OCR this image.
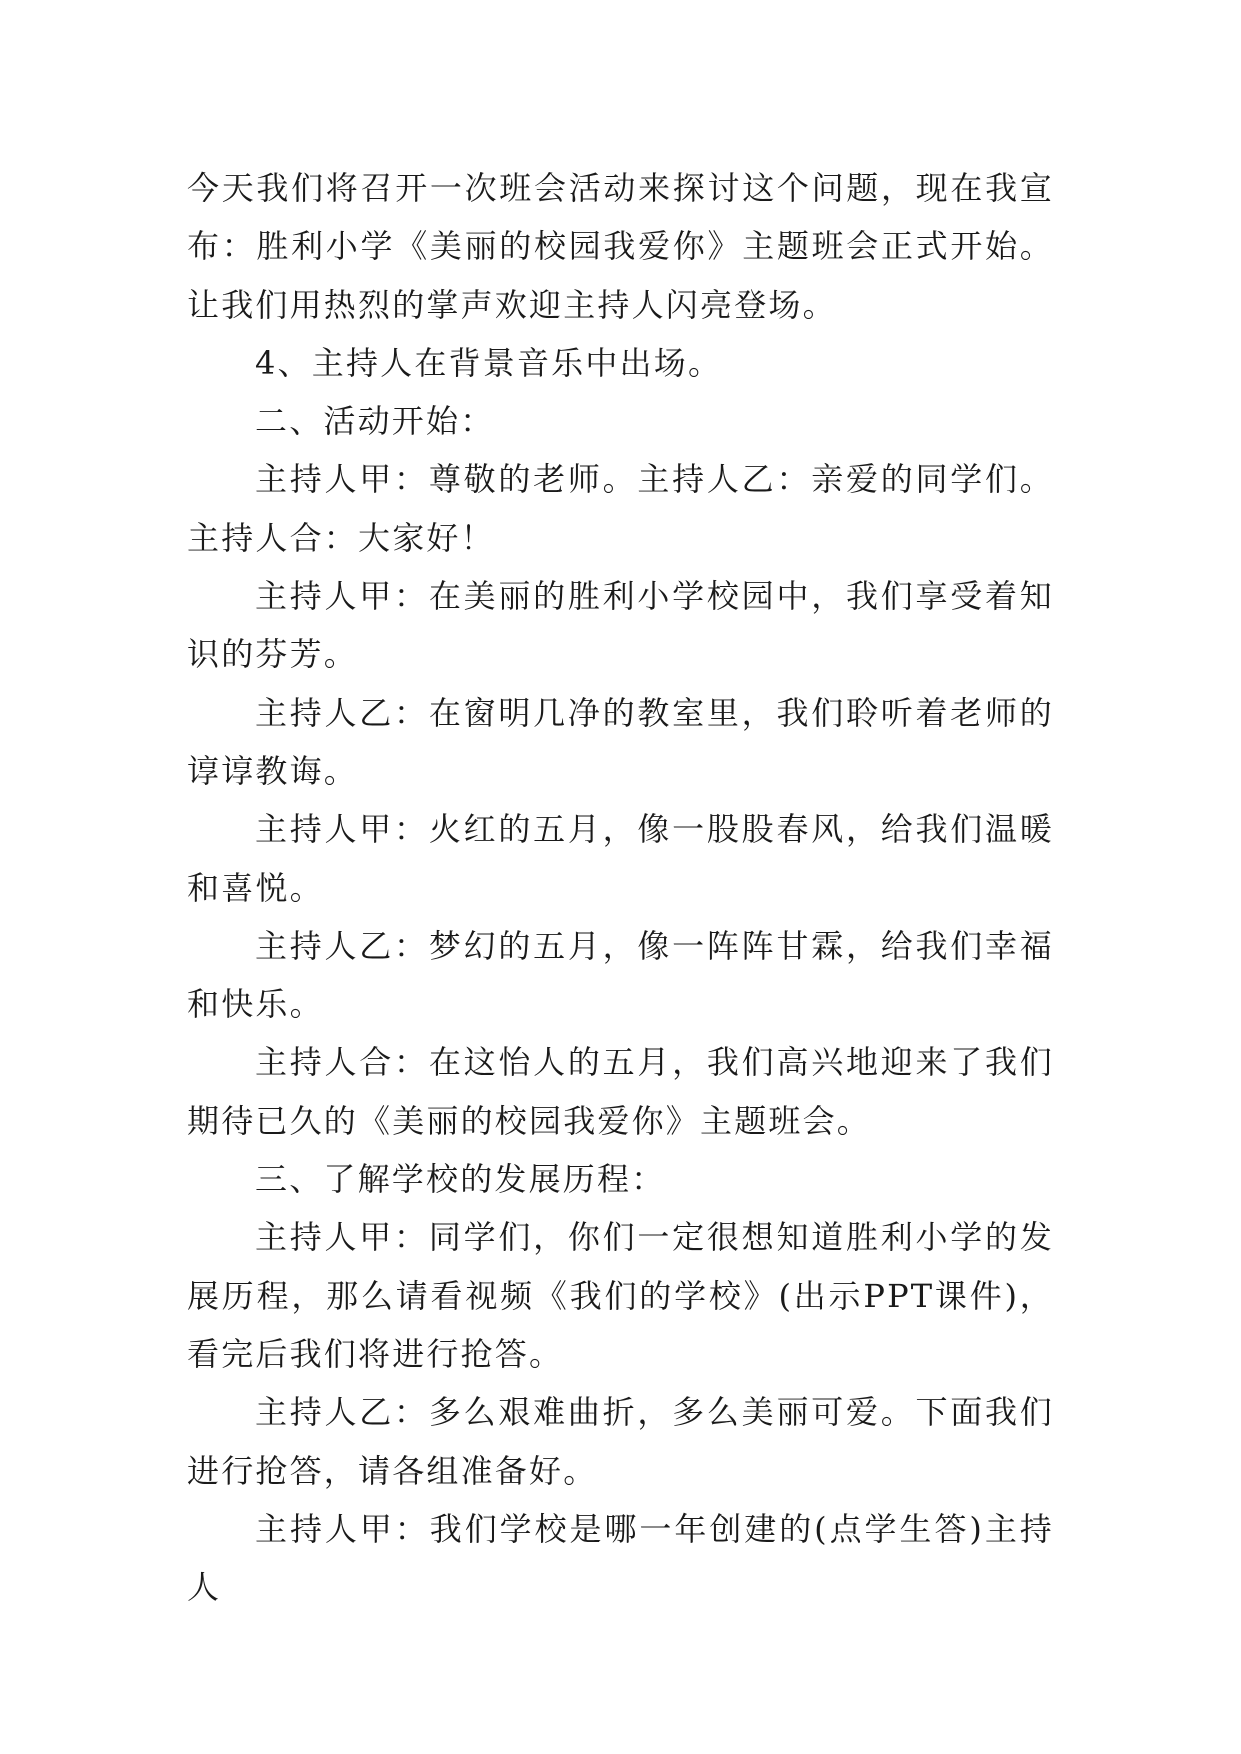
今天我们将召开一次班会活动来探讨这个问题，现在我宣布：胜利小学《美丽的校园我爱你》主题班会正式开始。让我们用热烈的掌声欢迎主持人闪亮登场。

4、主持人在背景音乐中出场。

二、活动开始：

主持人甲：尊敬的老师。主持人乙：亲爱的同学们。主持人合：大家好！

主持人甲：在美丽的胜利小学校园中，我们享受着知识的芬芳。

主持人乙：在窗明几净的教室里，我们聆听着老师的谆谆教诲。

主持人甲：火红的五月，像一股股春风，给我们温暖和喜悦。

主持人乙：梦幻的五月，像一阵阵甘霖，给我们幸福和快乐。

主持人合：在这怡人的五月，我们高兴地迎来了我们期待已久的《美丽的校园我爱你》主题班会。

三、了解学校的发展历程：

主持人甲：同学们，你们一定很想知道胜利小学的发展历程，那么请看视频《我们的学校》(出示PPT课件)，看完后我们将进行抢答。

主持人乙：多么艰难曲折，多么美丽可爱。下面我们进行抢答，请各组准备好。

主持人甲：我们学校是哪一年创建的(点学生答)主持人
